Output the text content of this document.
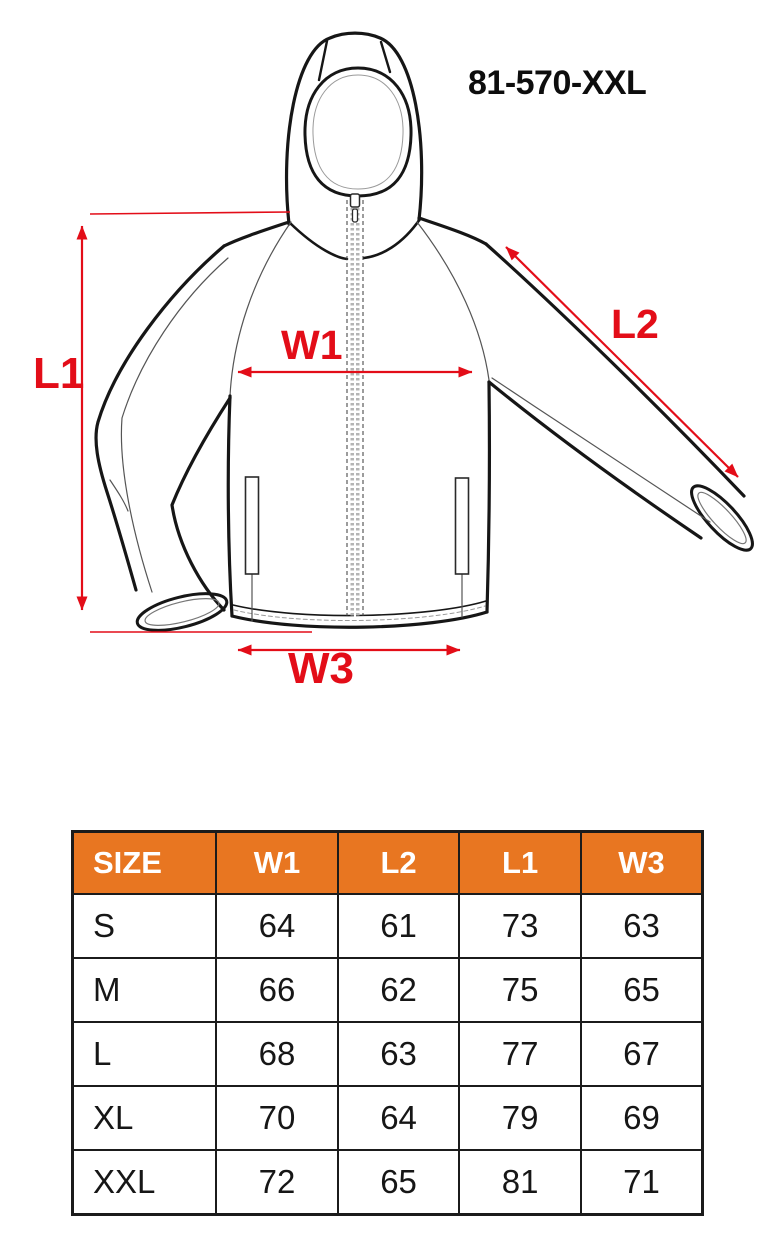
81-570-XXL
L1
W1	L2
W3
SIZE	W1	L2	L1	W3
S	64	61	73	63
M	66	62	75	65
L	68	63	77	67
XL	70	64	79	69
XXL	72	65	81	71
